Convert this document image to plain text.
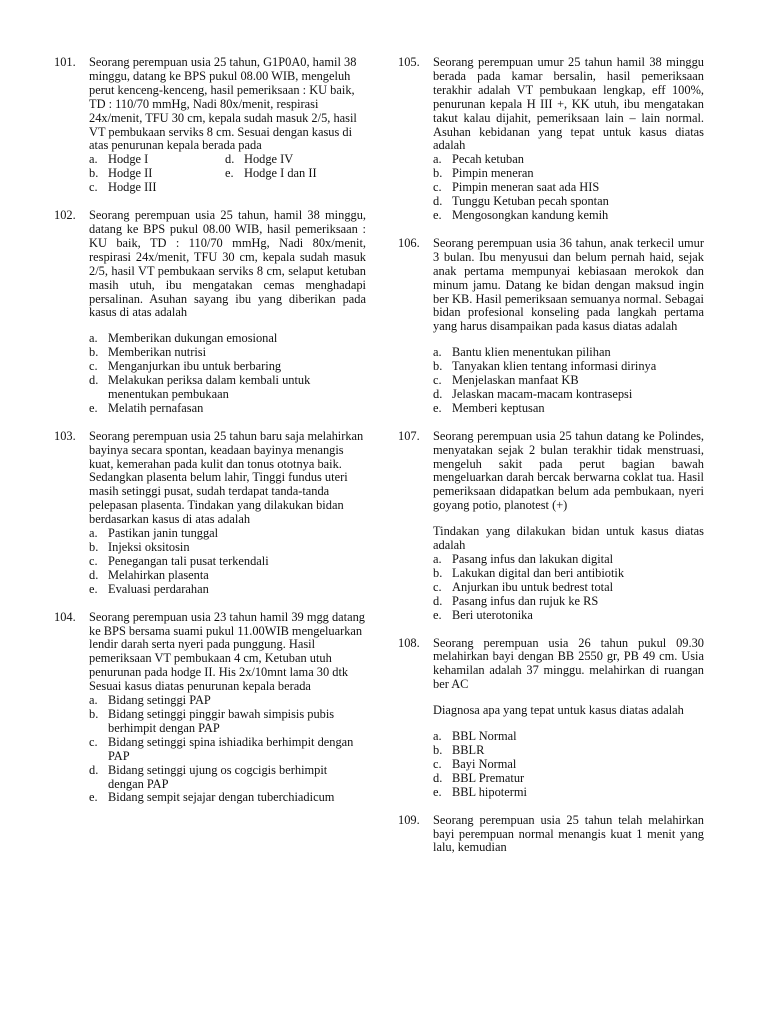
101. Seorang perempuan usia 25 tahun, G1P0A0, hamil 38 minggu, datang ke BPS pukul 08.00 WIB, mengeluh perut kenceng-kenceng, hasil pemeriksaan : KU baik, TD : 110/70 mmHg, Nadi 80x/menit, respirasi 24x/menit, TFU 30 cm, kepala sudah masuk 2/5, hasil VT pembukaan serviks 8 cm. Sesuai dengan kasus di atas penurunan kepala berada pada
a. Hodge I	d. Hodge IV
b. Hodge II	e. Hodge I dan II
c. Hodge III
102. Seorang perempuan usia 25 tahun, hamil 38 minggu, datang ke BPS pukul 08.00 WIB, hasil pemeriksaan : KU baik, TD : 110/70 mmHg, Nadi 80x/menit, respirasi 24x/menit, TFU 30 cm, kepala sudah masuk 2/5, hasil VT pembukaan serviks 8 cm, selaput ketuban masih utuh, ibu mengatakan cemas menghadapi persalinan. Asuhan sayang ibu yang diberikan pada kasus di atas adalah
a. Memberikan dukungan emosional
b. Memberikan nutrisi
c. Menganjurkan ibu untuk berbaring
d. Melakukan periksa dalam kembali untuk menentukan pembukaan
e. Melatih pernafasan
103. Seorang perempuan usia 25 tahun baru saja melahirkan bayinya secara spontan, keadaan bayinya menangis kuat, kemerahan pada kulit dan tonus ototnya baik. Sedangkan plasenta belum lahir, Tinggi fundus uteri masih setinggi pusat, sudah terdapat tanda-tanda pelepasan plasenta. Tindakan yang dilakukan bidan berdasarkan kasus di atas adalah
a. Pastikan janin tunggal
b. Injeksi oksitosin
c. Penegangan tali pusat terkendali
d. Melahirkan plasenta
e. Evaluasi perdarahan
104. Seorang perempuan usia 23 tahun hamil 39 mgg datang ke BPS bersama suami pukul 11.00WIB mengeluarkan lendir darah serta nyeri pada punggung. Hasil pemeriksaan VT pembukaan 4 cm, Ketuban utuh penurunan pada hodge II. His 2x/10mnt lama 30 dtk Sesuai kasus diatas penurunan kepala berada
a. Bidang setinggi PAP
b. Bidang setinggi pinggir bawah simpisis pubis berhimpit dengan PAP
c. Bidang setinggi spina ishiadika berhimpit dengan PAP
d. Bidang setinggi ujung os cogcigis berhimpit dengan PAP
e. Bidang sempit sejajar dengan tuberchiadicum
105. Seorang perempuan umur 25 tahun hamil 38 minggu berada pada kamar bersalin, hasil pemeriksaan terakhir adalah VT pembukaan lengkap, eff 100%, penurunan kepala H III +, KK utuh, ibu mengatakan takut kalau dijahit, pemeriksaan lain – lain normal. Asuhan kebidanan yang tepat untuk kasus diatas adalah
a. Pecah ketuban
b. Pimpin meneran
c. Pimpin meneran saat ada HIS
d. Tunggu Ketuban pecah spontan
e. Mengosongkan kandung kemih
106. Seorang perempuan usia 36 tahun, anak terkecil umur 3 bulan. Ibu menyusui dan belum pernah haid, sejak anak pertama mempunyai kebiasaan merokok dan minum jamu. Datang ke bidan dengan maksud ingin ber KB. Hasil pemeriksaan semuanya normal. Sebagai bidan profesional konseling pada langkah pertama yang harus disampaikan pada kasus diatas adalah
a. Bantu klien menentukan pilihan
b. Tanyakan klien tentang informasi dirinya
c. Menjelaskan manfaat KB
d. Jelaskan macam-macam kontrasepsi
e. Memberi keptusan
107. Seorang perempuan usia 25 tahun datang ke Polindes, menyatakan sejak 2 bulan terakhir tidak menstruasi, mengeluh sakit pada perut bagian bawah mengeluarkan darah bercak berwarna coklat tua. Hasil pemeriksaan didapatkan belum ada pembukaan, nyeri goyang potio, planotest (+)
Tindakan yang dilakukan bidan untuk kasus diatas adalah
a. Pasang infus dan lakukan digital
b. Lakukan digital dan beri antibiotik
c. Anjurkan ibu untuk bedrest total
d. Pasang infus dan rujuk ke RS
e. Beri uterotonika
108. Seorang perempuan usia 26 tahun pukul 09.30 melahirkan bayi dengan BB 2550 gr, PB 49 cm. Usia kehamilan adalah 37 minggu. melahirkan di ruangan ber AC
Diagnosa apa yang tepat untuk kasus diatas adalah
a. BBL Normal
b. BBLR
c. Bayi Normal
d. BBL Prematur
e. BBL hipotermi
109. Seorang perempuan usia 25 tahun telah melahirkan bayi perempuan normal menangis kuat 1 menit yang lalu, kemudian
